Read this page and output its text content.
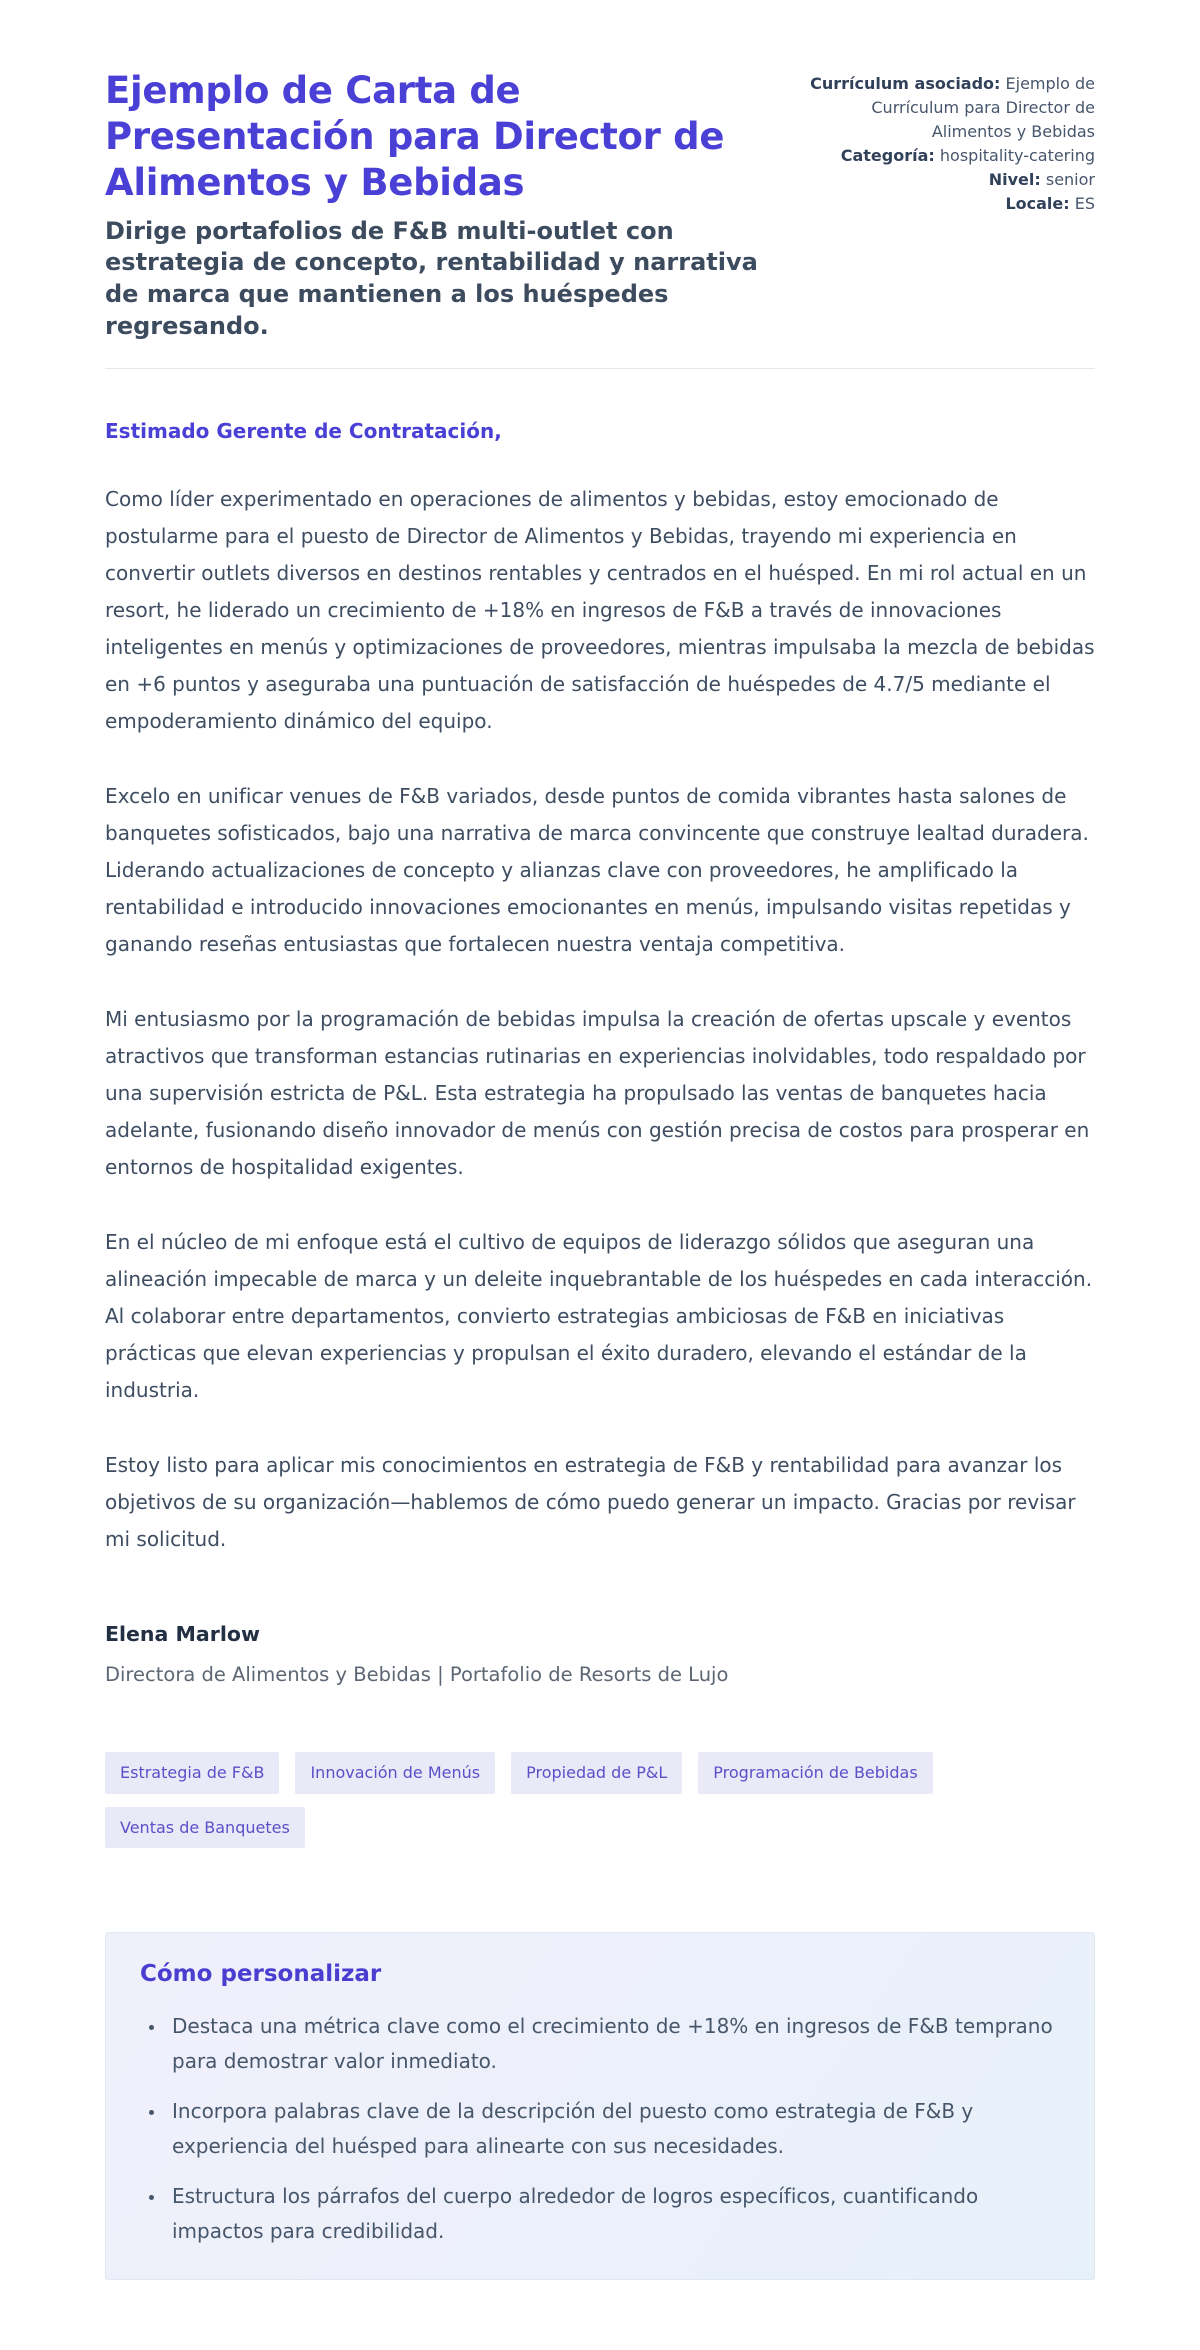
Ejemplo de Carta de Presentación para Director de Alimentos y Bebidas

Dirige portafolios de F&B multi-outlet con estrategia de concepto, rentabilidad y narrativa de marca que mantienen a los huéspedes regresando.

Currículum asociado: Ejemplo de Currículum para Director de Alimentos y Bebidas
Categoría: hospitality-catering
Nivel: senior
Locale: ES

Estimado Gerente de Contratación,

Como líder experimentado en operaciones de alimentos y bebidas, estoy emocionado de postularme para el puesto de Director de Alimentos y Bebidas, trayendo mi experiencia en convertir outlets diversos en destinos rentables y centrados en el huésped. En mi rol actual en un resort, he liderado un crecimiento de +18% en ingresos de F&B a través de innovaciones inteligentes en menús y optimizaciones de proveedores, mientras impulsaba la mezcla de bebidas en +6 puntos y aseguraba una puntuación de satisfacción de huéspedes de 4.7/5 mediante el empoderamiento dinámico del equipo.

Excelo en unificar venues de F&B variados, desde puntos de comida vibrantes hasta salones de banquetes sofisticados, bajo una narrativa de marca convincente que construye lealtad duradera. Liderando actualizaciones de concepto y alianzas clave con proveedores, he amplificado la rentabilidad e introducido innovaciones emocionantes en menús, impulsando visitas repetidas y ganando reseñas entusiastas que fortalecen nuestra ventaja competitiva.

Mi entusiasmo por la programación de bebidas impulsa la creación de ofertas upscale y eventos atractivos que transforman estancias rutinarias en experiencias inolvidables, todo respaldado por una supervisión estricta de P&L. Esta estrategia ha propulsado las ventas de banquetes hacia adelante, fusionando diseño innovador de menús con gestión precisa de costos para prosperar en entornos de hospitalidad exigentes.

En el núcleo de mi enfoque está el cultivo de equipos de liderazgo sólidos que aseguran una alineación impecable de marca y un deleite inquebrantable de los huéspedes en cada interacción. Al colaborar entre departamentos, convierto estrategias ambiciosas de F&B en iniciativas prácticas que elevan experiencias y propulsan el éxito duradero, elevando el estándar de la industria.

Estoy listo para aplicar mis conocimientos en estrategia de F&B y rentabilidad para avanzar los objetivos de su organización—hablemos de cómo puedo generar un impacto. Gracias por revisar mi solicitud.

Elena Marlow

Directora de Alimentos y Bebidas | Portafolio de Resorts de Lujo

Estrategia de F&B	Innovación de Menús	Propiedad de P&L	Programación de Bebidas
Ventas de Banquetes
Cómo personalizar
• Destaca una métrica clave como el crecimiento de +18% en ingresos de F&B temprano para demostrar valor inmediato.
• Incorpora palabras clave de la descripción del puesto como estrategia de F&B y experiencia del huésped para alinearte con sus necesidades.
• Estructura los párrafos del cuerpo alrededor de logros específicos, cuantificando impactos para credibilidad.
